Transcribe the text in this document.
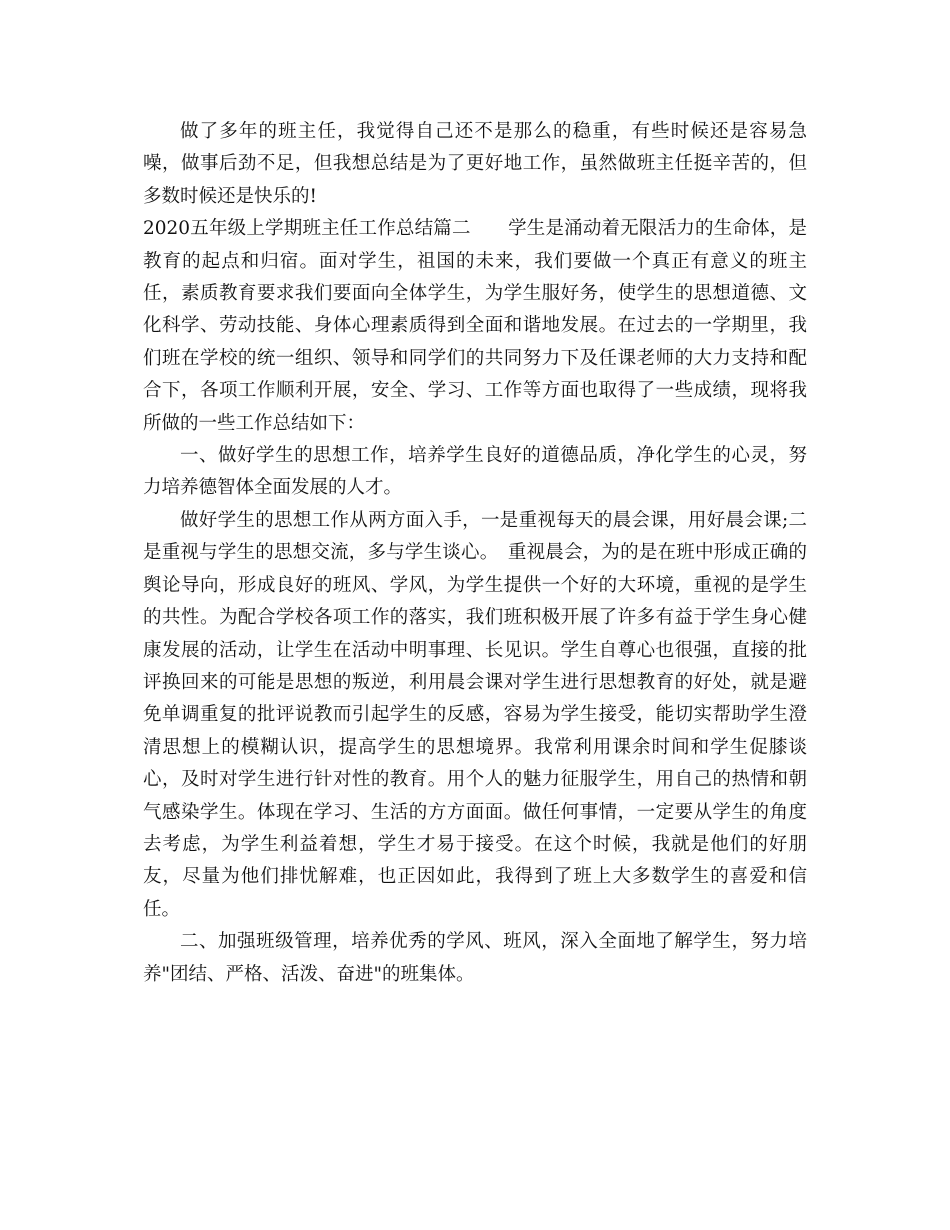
做了多年的班主任，我觉得自己还不是那么的稳重，有些时候还是容易急噪，做事后劲不足，但我想总结是为了更好地工作，虽然做班主任挺辛苦的，但多数时候还是快乐的!

2020五年级上学期班主任工作总结篇二　　学生是涌动着无限活力的生命体，是教育的起点和归宿。面对学生，祖国的未来，我们要做一个真正有意义的班主任，素质教育要求我们要面向全体学生，为学生服好务，使学生的思想道德、文化科学、劳动技能、身体心理素质得到全面和谐地发展。在过去的一学期里，我们班在学校的统一组织、领导和同学们的共同努力下及任课老师的大力支持和配合下，各项工作顺利开展，安全、学习、工作等方面也取得了一些成绩，现将我所做的一些工作总结如下：

一、做好学生的思想工作，培养学生良好的道德品质，净化学生的心灵，努力培养德智体全面发展的人才。

做好学生的思想工作从两方面入手，一是重视每天的晨会课，用好晨会课;二是重视与学生的思想交流，多与学生谈心。　重视晨会，为的是在班中形成正确的舆论导向，形成良好的班风、学风，为学生提供一个好的大环境，重视的是学生的共性。为配合学校各项工作的落实，我们班积极开展了许多有益于学生身心健康发展的活动，让学生在活动中明事理、长见识。学生自尊心也很强，直接的批评换回来的可能是思想的叛逆，利用晨会课对学生进行思想教育的好处，就是避免单调重复的批评说教而引起学生的反感，容易为学生接受，能切实帮助学生澄清思想上的模糊认识，提高学生的思想境界。我常利用课余时间和学生促膝谈心，及时对学生进行针对性的教育。用个人的魅力征服学生，用自己的热情和朝气感染学生。体现在学习、生活的方方面面。做任何事情，一定要从学生的角度去考虑，为学生利益着想，学生才易于接受。在这个时候，我就是他们的好朋友，尽量为他们排忧解难，也正因如此，我得到了班上大多数学生的喜爱和信任。

二、加强班级管理，培养优秀的学风、班风，深入全面地了解学生，努力培养"团结、严格、活泼、奋进"的班集体。
